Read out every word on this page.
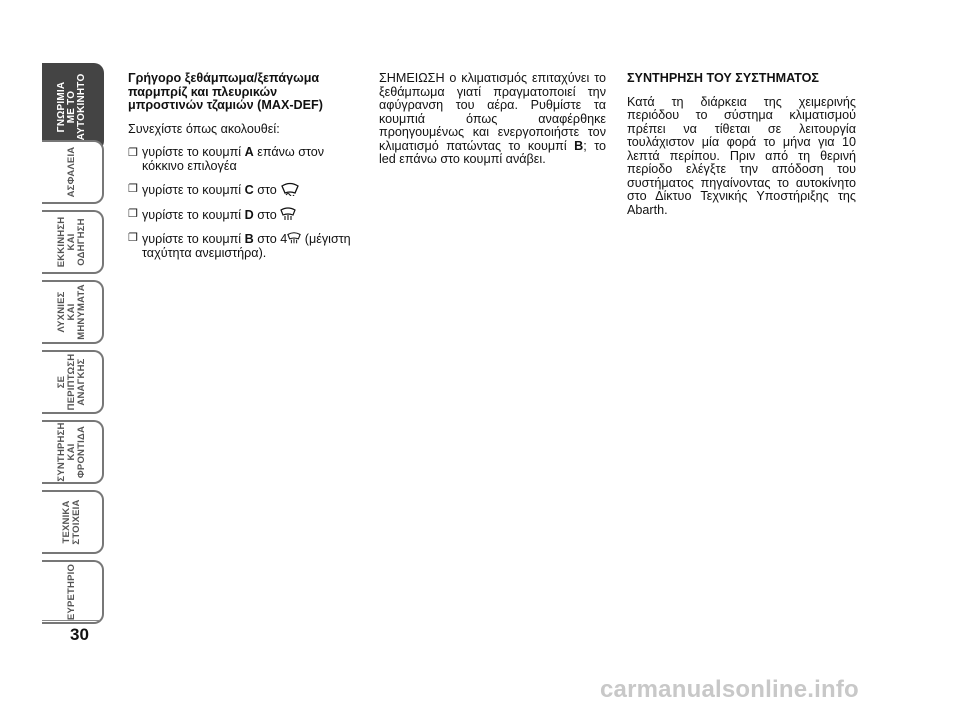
ΓΝΩΡΙΜΙΑ
ΜΕ ΤΟ
ΑΥΤΟΚΙΝΗΤΟ
ΑΣΦΑΛΕΙΑ
ΕΚΚΙΝΗΣΗ
ΚΑΙ
ΟΔΗΓΗΣΗ
ΛΥΧΝΙΕΣ
ΚΑΙ
ΜΗΝΥΜΑΤΑ
ΣΕ
ΠΕΡΙΠΤΩΣΗ
ΑΝΑΓΚΗΣ
ΣΥΝΤΗΡΗΣΗ
ΚΑΙ
ΦΡΟΝΤΙΔΑ
ΤΕΧΝΙΚΑ
ΣΤΟΙΧΕΙΑ
ΕΥΡΕΤΗΡΙΟ
30
Γρήγορο ξεθάμπωμα/ξεπάγωμα παρμπρίζ και πλευρικών μπροστινών τζαμιών (MAX-DEF)
Συνεχίστε όπως ακολουθεί:
❐ γυρίστε το κουμπί A επάνω στον κόκκινο επιλογέα
❐ γυρίστε το κουμπί C στο
❐ γυρίστε το κουμπί D στο
❐ γυρίστε το κουμπί B στο 4 (μέγιστη ταχύτητα ανεμιστήρα).
ΣΗΜΕΙΩΣΗ ο κλιματισμός επιταχύνει το ξεθάμπωμα γιατί πραγματοποιεί την αφύγρανση του αέρα. Ρυθμίστε τα κουμπιά όπως αναφέρθηκε προηγουμένως και ενεργοποιήστε τον κλιματισμό πατώντας το κουμπί B; το led επάνω στο κουμπί ανάβει.
ΣΥΝΤΗΡΗΣΗ ΤΟΥ ΣΥΣΤΗΜΑΤΟΣ
Κατά τη διάρκεια της χειμερινής περιόδου το σύστημα κλιματισμού πρέπει να τίθεται σε λειτουργία τουλάχιστον μία φορά το μήνα για 10 λεπτά περίπου. Πριν από τη θερινή περίοδο ελέγξτε την απόδοση του συστήματος πηγαίνοντας το αυτοκίνητο στο Δίκτυο Τεχνικής Υποστήριξης της Abarth.
carmanualsonline.info
